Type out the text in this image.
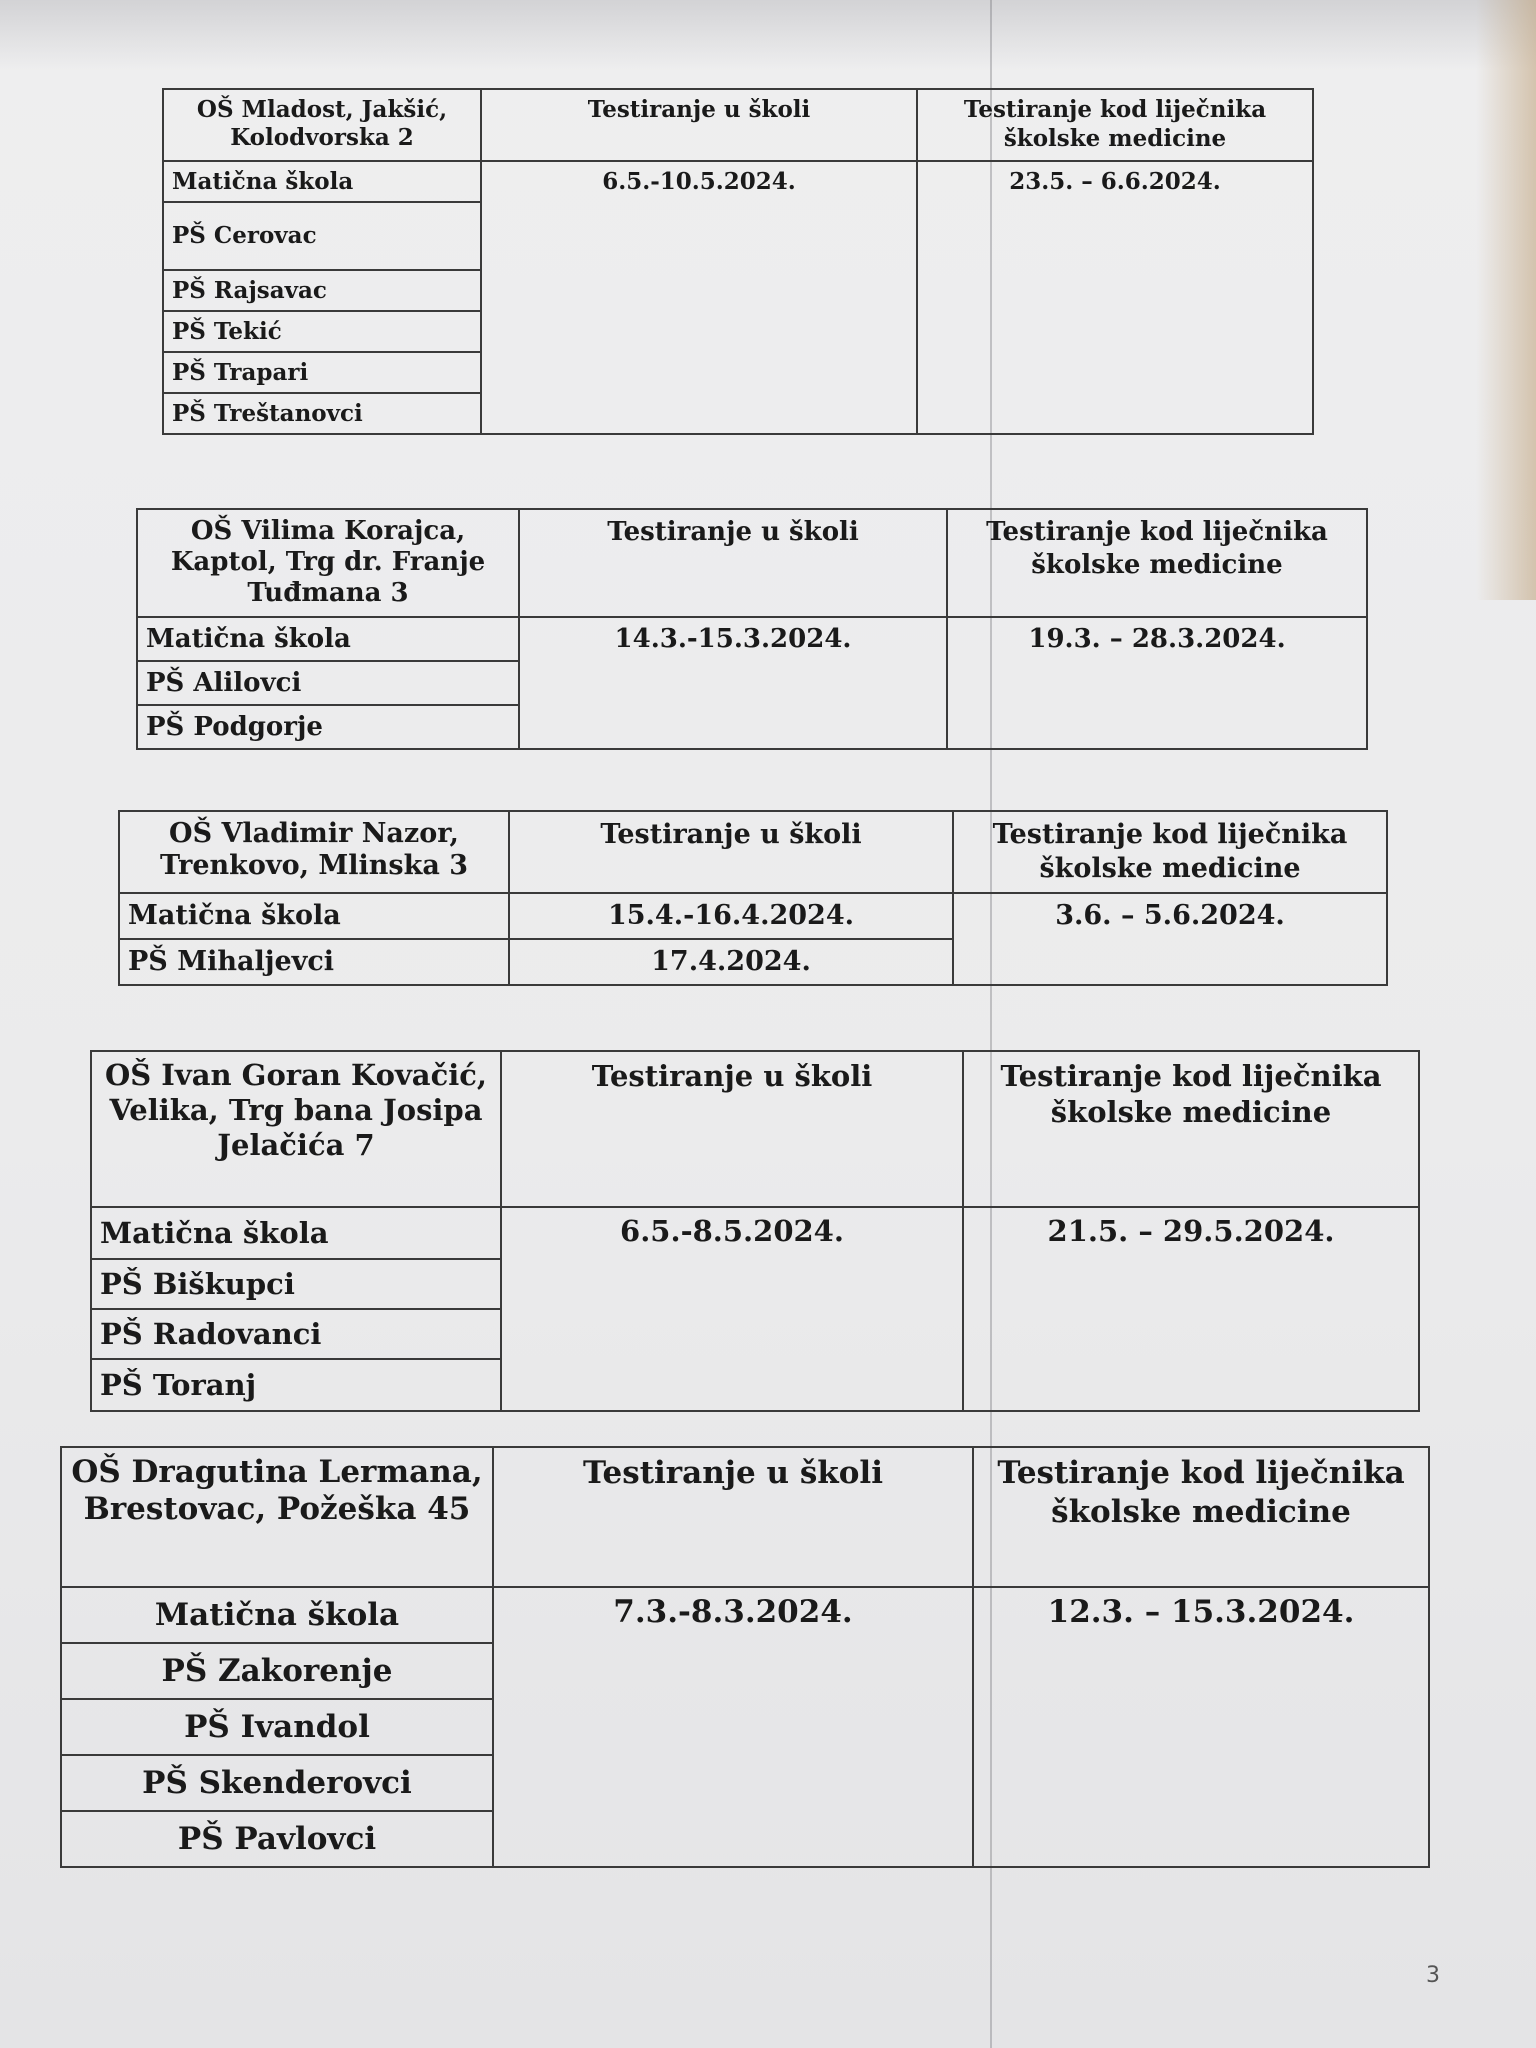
OŠ Mladost, Jakšić, Kolodvorska 2	Testiranje u školi	Testiranje kod liječnika školske medicine
Matična škola	6.5.-10.5.2024.	23.5. – 6.6.2024.
PŠ Cerovac		
PŠ Rajsavac		
PŠ Tekić		
PŠ Trapari		
PŠ Treštanovci		
OŠ Vilima Korajca, Kaptol, Trg dr. Franje Tuđmana 3	Testiranje u školi	Testiranje kod liječnika školske medicine
Matična škola	14.3.-15.3.2024.	19.3. – 28.3.2024.
PŠ Alilovci		
PŠ Podgorje		
OŠ Vladimir Nazor, Trenkovo, Mlinska 3	Testiranje u školi	Testiranje kod liječnika školske medicine
Matična škola	15.4.-16.4.2024.	3.6. – 5.6.2024.
PŠ Mihaljevci	17.4.2024.	
OŠ Ivan Goran Kovačić, Velika, Trg bana Josipa Jelačića 7	Testiranje u školi	Testiranje kod liječnika školske medicine
Matična škola	6.5.-8.5.2024.	21.5. – 29.5.2024.
PŠ Biškupci		
PŠ Radovanci		
PŠ Toranj		
OŠ Dragutina Lermana, Brestovac, Požeška 45	Testiranje u školi	Testiranje kod liječnika školske medicine
Matična škola	7.3.-8.3.2024.	12.3. – 15.3.2024.
PŠ Zakorenje		
PŠ Ivandol		
PŠ Skenderovci		
PŠ Pavlovci		
3
